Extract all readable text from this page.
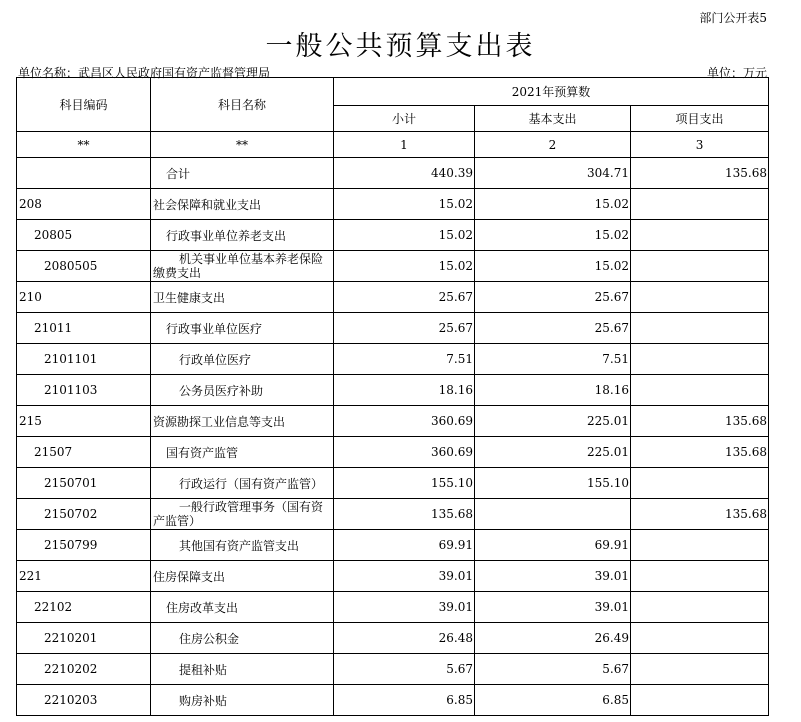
部门公开表5
一般公共预算支出表
单位名称：武昌区人民政府国有资产监督管理局	单位：万元
科目编码	科目名称	2021年预算数		
		小计	基本支出	项目支出
**	**	1	2	3
	合计	440.39	304.71	135.68
208	社会保障和就业支出	15.02	15.02	
20805	行政事业单位养老支出	15.02	15.02	
2080505	机关事业单位基本养老保险
缴费支出	15.02	15.02	
210	卫生健康支出	25.67	25.67	
21011	行政事业单位医疗	25.67	25.67	
2101101	行政单位医疗	7.51	7.51	
2101103	公务员医疗补助	18.16	18.16	
215	资源勘探工业信息等支出	360.69	225.01	135.68
21507	国有资产监管	360.69	225.01	135.68
2150701	行政运行（国有资产监管）	155.10	155.10	
2150702	一般行政管理事务（国有资
产监管）	135.68		135.68
2150799	其他国有资产监管支出	69.91	69.91	
221	住房保障支出	39.01	39.01	
22102	住房改革支出	39.01	39.01	
2210201	住房公积金	26.48	26.49	
2210202	提租补贴	5.67	5.67	
2210203	购房补贴	6.85	6.85	
